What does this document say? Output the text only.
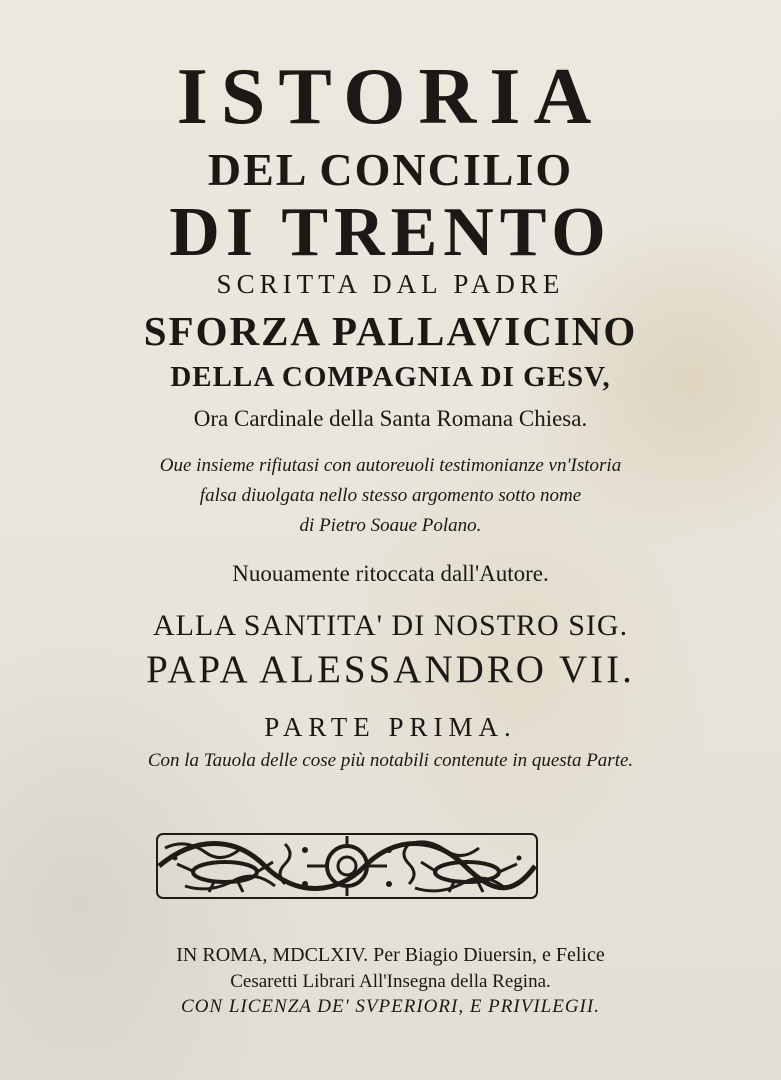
ISTORIA
DEL CONCILIO
DI TRENTO
SCRITTA DAL PADRE
SFORZA PALLAVICINO
DELLA COMPAGNIA DI GESV,
Ora Cardinale della Santa Romana Chiesa.
Oue insieme rifiutasi con autoreuoli testimonianze vn'Istoria
falsa diuolgata nello stesso argomento sotto nome
di Pietro Soaue Polano.
Nuouamente ritoccata dall'Autore.
ALLA SANTITA' DI NOSTRO SIG.
PAPA ALESSANDRO VII.
PARTE PRIMA.
Con la Tauola delle cose più notabili contenute in questa Parte.
IN ROMA, MDCLXIV. Per Biagio Diuersin, e Felice
Cesaretti Librari All'Insegna della Regina.
CON LICENZA DE' SVPERIORI, E PRIVILEGII.
